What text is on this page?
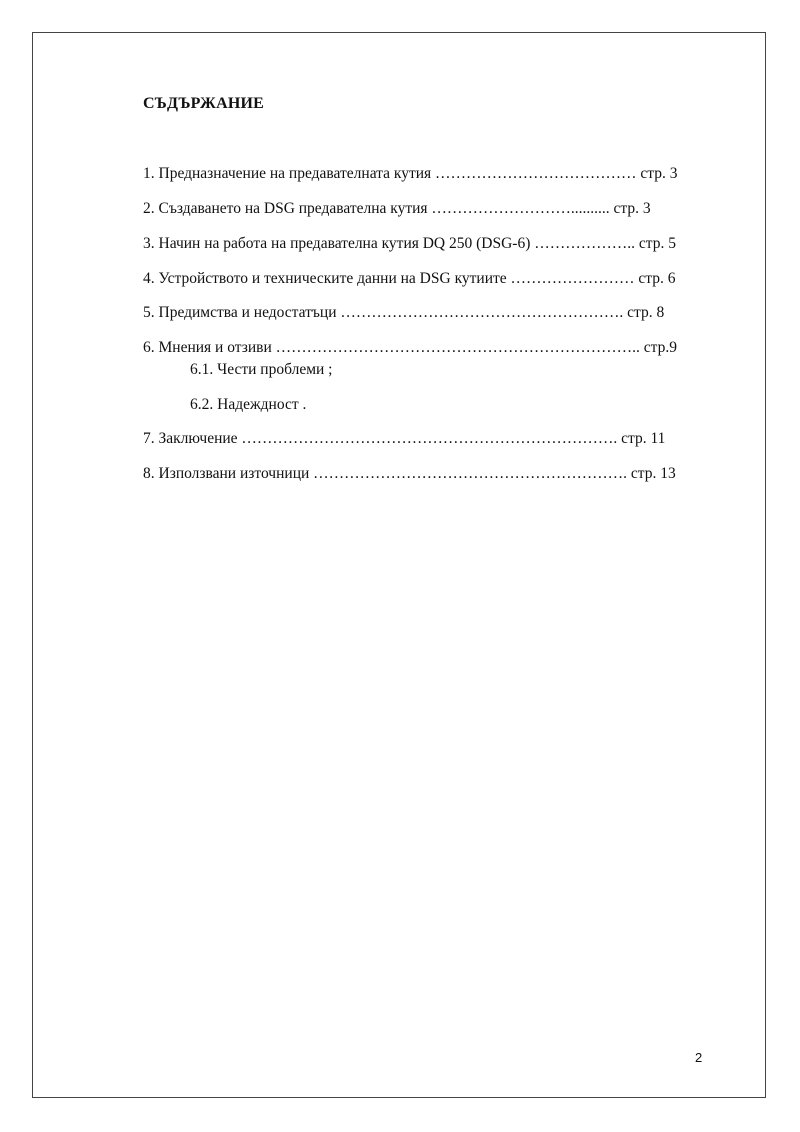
СЪДЪРЖАНИЕ
1. Предназначение на предавателната кутия ………………………………… стр. 3
2. Създаването на DSG предавателна кутия ……………………….......... стр. 3
3. Начин на работа на предавателна кутия DQ 250 (DSG-6) ……………….. стр. 5
4. Устройството и техническите данни на DSG кутиите …………………… стр. 6
5. Предимства и недостатъци ………………………………………………. стр. 8
6. Мнения и отзиви …………………………………………………………….. стр.9
6.1. Чести проблеми ;
6.2. Надеждност .
7. Заключение ………………………………………………………………. стр. 11
8. Използвани източници ……………………………………………………. стр. 13
2
